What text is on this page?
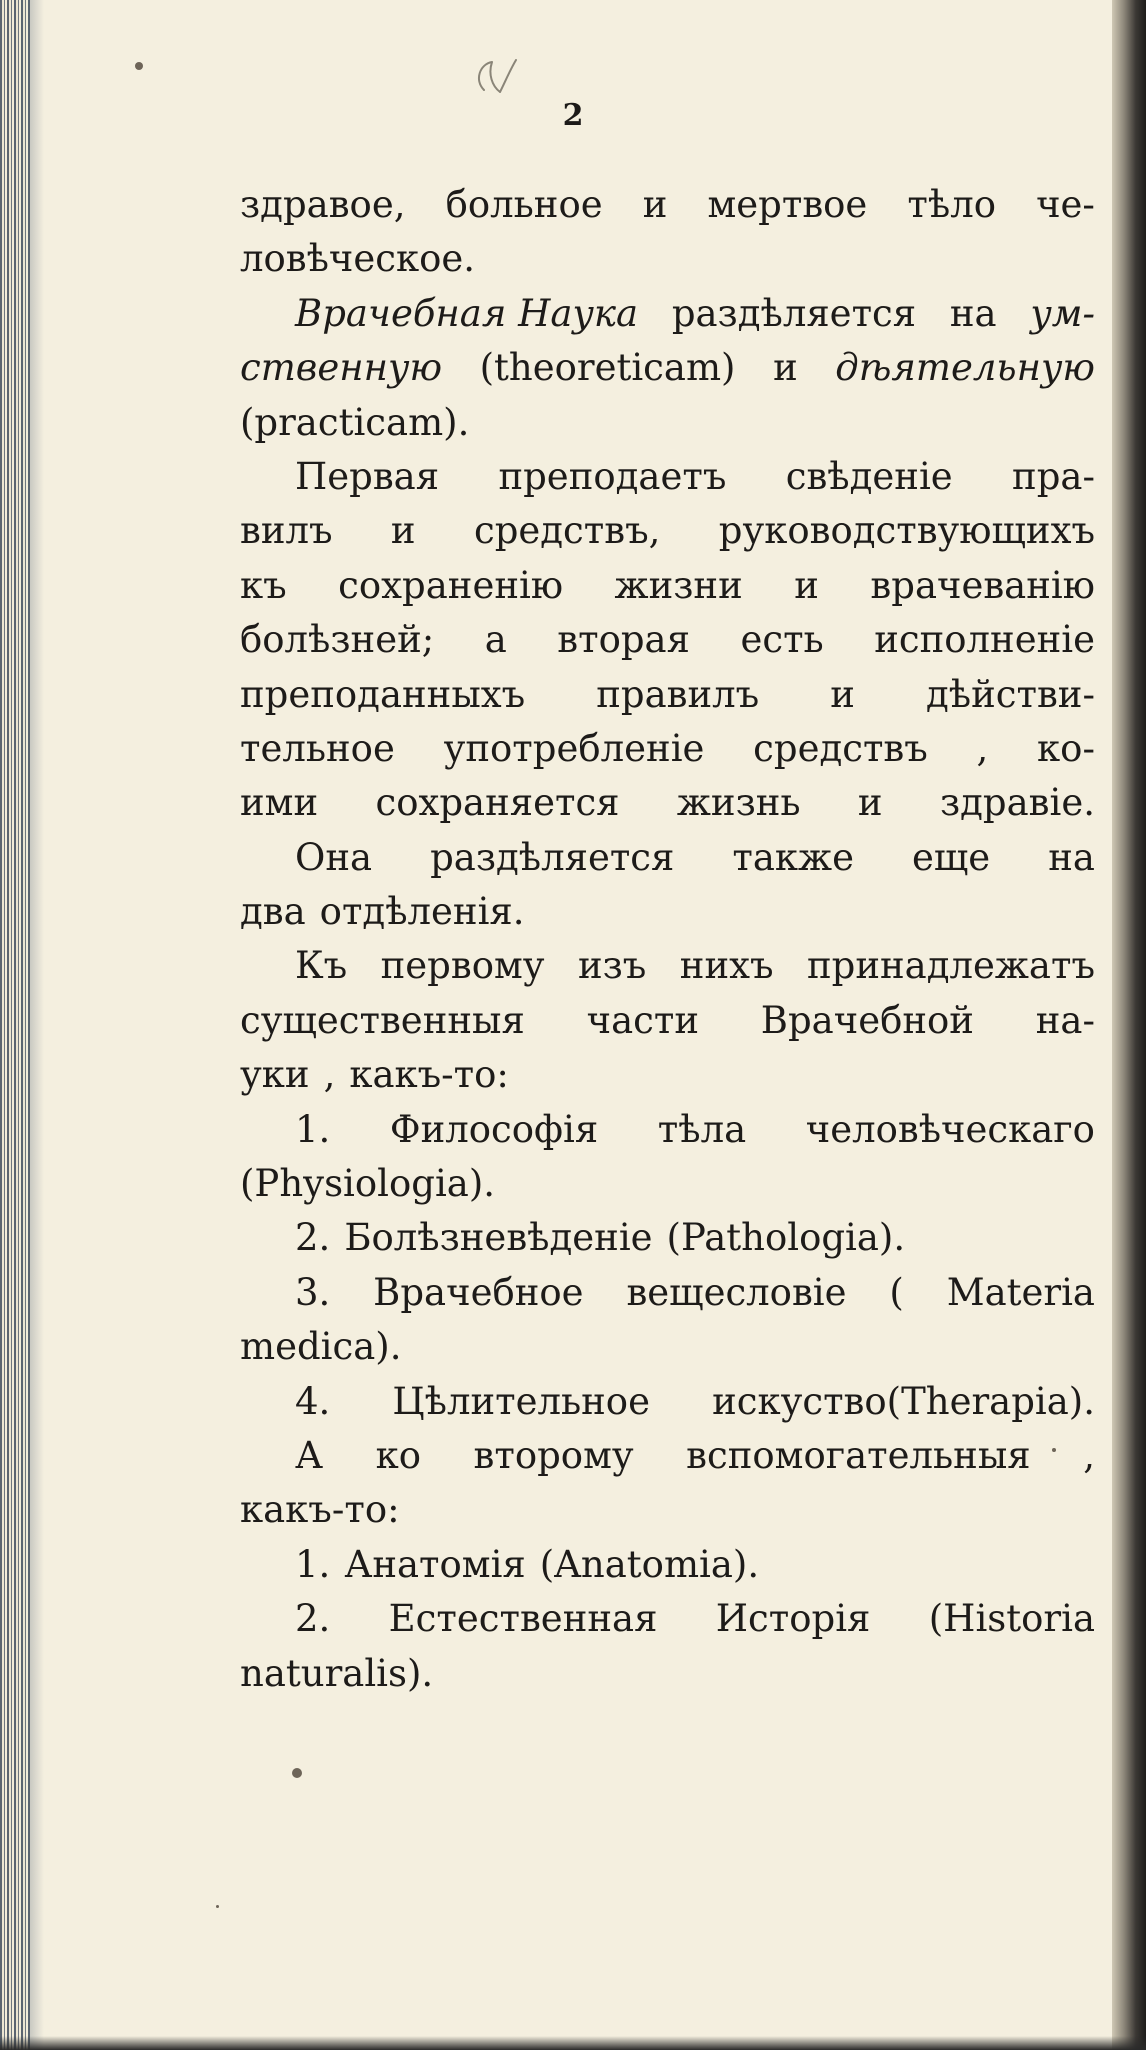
2
здравое, больное и мертвое тѣло че-
ловѣческое.
Врачебная Наука раздѣляется на ум-
ственную (theoreticam) и дѣятельную
(practicam).
Первая преподаетъ свѣденіе пра-
вилъ и средствъ, руководствующихъ
къ сохраненію жизни и врачеванію
болѣзней; а вторая есть исполненіе
преподанныхъ правилъ и дѣйстви-
тельное употребленіе средствъ , ко-
ими сохраняется жизнь и здравіе.
Она раздѣляется также еще на
два отдѣленія.
Къ первому изъ нихъ принадлежатъ
существенныя части Врачебной на-
уки , какъ-то:
1. Философія тѣла человѣческаго
(Physiologia).
2. Болѣзневѣденіе (Pathologia).
3. Врачебное вещесловіе ( Materia
medica).
4. Цѣлительное искуство(Therapia).
А ко второму вспомогательныя ,
какъ-то:
1. Анатомія (Anatomia).
2. Естественная Исторія (Historia
naturalis).
